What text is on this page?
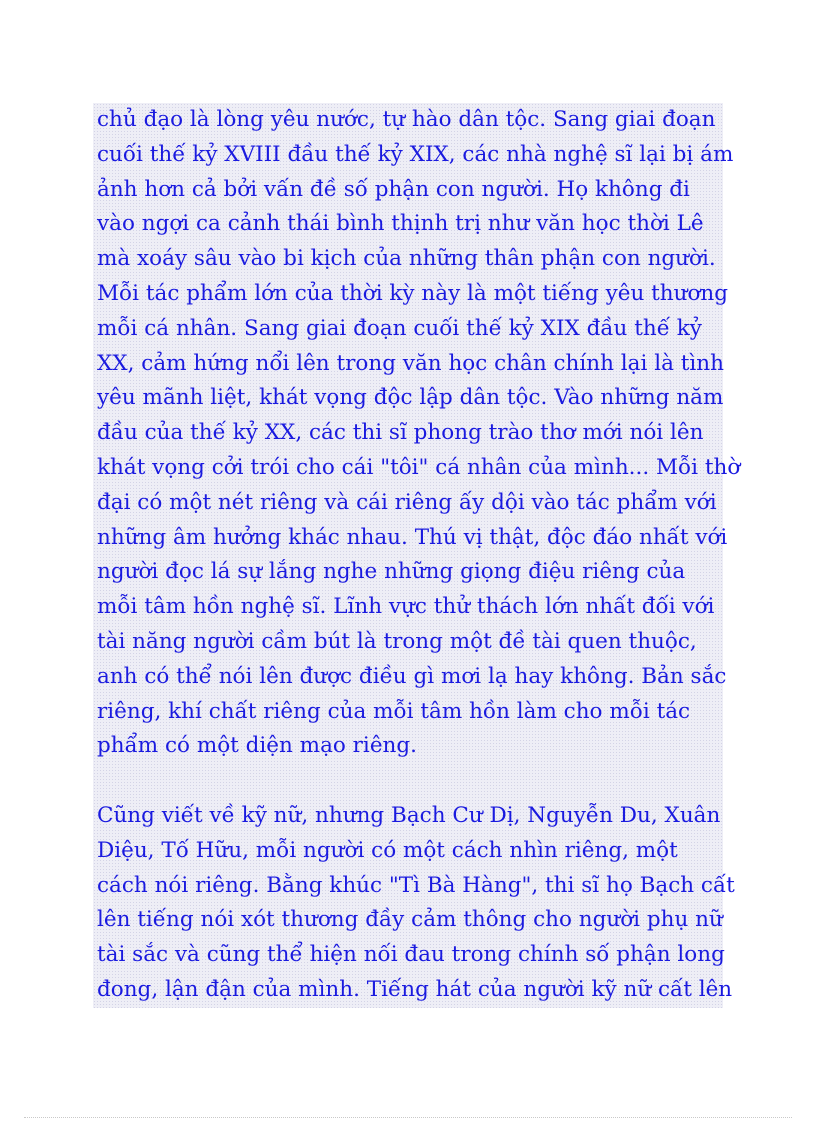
chủ đạo là lòng yêu nước, tự hào dân tộc. Sang giai đoạn
cuối thế kỷ XVIII đầu thế kỷ XIX, các nhà nghệ sĩ lại bị ám
ảnh hơn cả bởi vấn đề số phận con người. Họ không đi
vào ngợi ca cảnh thái bình thịnh trị như văn học thời Lê
mà xoáy sâu vào bi kịch của những thân phận con người.
Mỗi tác phẩm lớn của thời kỳ này là một tiếng yêu thương
mỗi cá nhân. Sang giai đoạn cuối thế kỷ XIX đầu thế kỷ
XX, cảm hứng nổi lên trong văn học chân chính lại là tình
yêu mãnh liệt, khát vọng độc lập dân tộc. Vào những năm
đầu của thế kỷ XX, các thi sĩ phong trào thơ mới nói lên
khát vọng cởi trói cho cái "tôi" cá nhân của mình... Mỗi thờ
đại có một nét riêng và cái riêng ấy dội vào tác phẩm với
những âm hưởng khác nhau. Thú vị thật, độc đáo nhất với
người đọc lá sự lắng nghe những giọng điệu riêng của
mỗi tâm hồn nghệ sĩ. Lĩnh vực thử thách lớn nhất đối với
tài năng người cầm bút là trong một đề tài quen thuộc,
anh có thể nói lên được điều gì mơi lạ hay không. Bản sắc
riêng, khí chất riêng của mỗi tâm hồn làm cho mỗi tác
phẩm có một diện mạo riêng.

Cũng viết về kỹ nữ, nhưng Bạch Cư Dị, Nguyễn Du, Xuân
Diệu, Tố Hữu, mỗi người có một cách nhìn riêng, một
cách nói riêng. Bằng khúc "Tì Bà Hàng", thi sĩ họ Bạch cất
lên tiếng nói xót thương đầy cảm thông cho người phụ nữ
tài sắc và cũng thể hiện nối đau trong chính số phận long
đong, lận đận của mình. Tiếng hát của người kỹ nữ cất lên
